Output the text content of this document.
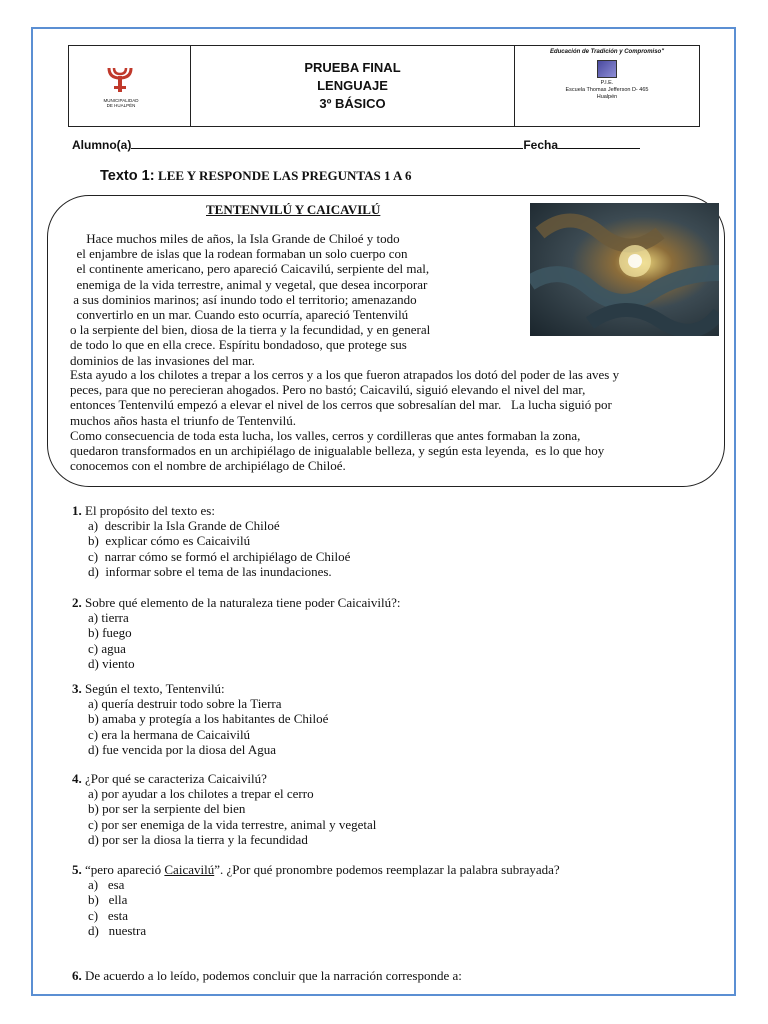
MUNICIPALIDAD DE HUALPÉN
PRUEBA FINAL
LENGUAJE
3º BÁSICO
Educación de Tradición y Compromiso"
P.I.E.
Escuela Thomas Jefferson D- 465
Hualpén
Alumno(a)	Fecha
Texto 1: LEE Y RESPONDE LAS PREGUNTAS 1 A 6
TENTENVILÚ Y CAICAVILÚ
Hace muchos miles de años, la Isla Grande de Chiloé y todo
el enjambre de islas que la rodean formaban un solo cuerpo con
el continente americano, pero apareció Caicavilú, serpiente del mal,
enemiga de la vida terrestre, animal y vegetal, que desea incorporar
a sus dominios marinos; así inundo todo el territorio; amenazando
convertirlo en un mar. Cuando esto ocurría, apareció Tentenvilú
o la serpiente del bien, diosa de la tierra y la fecundidad, y en general
de todo lo que en ella crece. Espíritu bondadoso, que protege sus
dominios de las invasiones del mar.
Esta ayudo a los chilotes a trepar a los cerros y a los que fueron atrapados los dotó del poder de las aves y
peces, para que no perecieran ahogados. Pero no bastó; Caicavilú, siguió elevando el nivel del mar,
entonces Tentenvilú empezó a elevar el nivel de los cerros que sobresalían del mar.   La lucha siguió por
muchos años hasta el triunfo de Tentenvilú.
Como consecuencia de toda esta lucha, los valles, cerros y cordilleras que antes formaban la zona,
quedaron transformados en un archipiélago de inigualable belleza, y según esta leyenda,  es lo que hoy
conocemos con el nombre de archipiélago de Chiloé.
1. El propósito del texto es:
a)  describir la Isla Grande de Chiloé
b)  explicar cómo es Caicaivilú
c)  narrar cómo se formó el archipiélago de Chiloé
d)  informar sobre el tema de las inundaciones.
2. Sobre qué elemento de la naturaleza tiene poder Caicaivilú?:
a) tierra
b) fuego
c) agua
d) viento
3. Según el texto, Tentenvilú:
a) quería destruir todo sobre la Tierra
b) amaba y protegía a los habitantes de Chiloé
c) era la hermana de Caicaivilú
d) fue vencida por la diosa del Agua
4. ¿Por qué se caracteriza Caicaivilú?
a) por ayudar a los chilotes a trepar el cerro
b) por ser la serpiente del bien
c) por ser enemiga de la vida terrestre, animal y vegetal
d) por ser la diosa la tierra y la fecundidad
5. “pero apareció Caicavilú”. ¿Por qué pronombre podemos reemplazar la palabra subrayada?
a)   esa
b)   ella
c)   esta
d)   nuestra
6. De acuerdo a lo leído, podemos concluir que la narración corresponde a:
